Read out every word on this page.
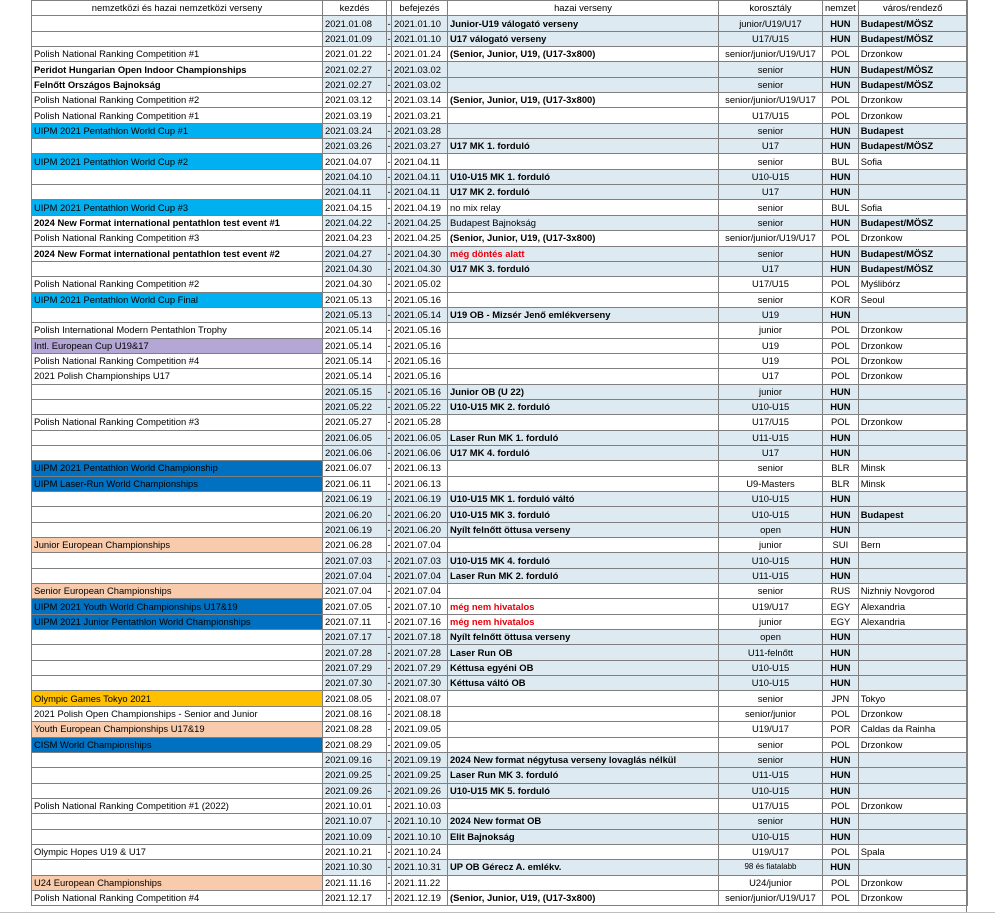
nemzetközi és hazai nemzetközi verseny	kezdés		befejezés	hazai verseny	korosztály	nemzet	város/rendező
	2021.01.08	-	2021.01.10	Junior-U19 válogató verseny	junior/U19/U17	HUN	Budapest/MÖSZ
	2021.01.09	-	2021.01.10	U17 válogató verseny	U17/U15	HUN	Budapest/MÖSZ
Polish National Ranking Competition #1	2021.01.22	-	2021.01.24	(Senior, Junior, U19, (U17-3x800)	senior/junior/U19/U17	POL	Drzonkow
Peridot Hungarian Open Indoor Championships	2021.02.27	-	2021.03.02		senior	HUN	Budapest/MÖSZ
Felnőtt Országos Bajnokság	2021.02.27	-	2021.03.02		senior	HUN	Budapest/MÖSZ
Polish National Ranking Competition #2	2021.03.12	-	2021.03.14	(Senior, Junior, U19, (U17-3x800)	senior/junior/U19/U17	POL	Drzonkow
Polish National Ranking Competition #1	2021.03.19	-	2021.03.21		U17/U15	POL	Drzonkow
UIPM 2021 Pentathlon World Cup #1	2021.03.24	-	2021.03.28		senior	HUN	Budapest
	2021.03.26	-	2021.03.27	U17 MK 1. forduló	U17	HUN	Budapest/MÖSZ
UIPM 2021 Pentathlon World Cup #2	2021.04.07	-	2021.04.11		senior	BUL	Sofia
	2021.04.10	-	2021.04.11	U10-U15 MK 1. forduló	U10-U15	HUN	
	2021.04.11	-	2021.04.11	U17 MK 2. forduló	U17	HUN	
UIPM 2021 Pentathlon World Cup #3	2021.04.15	-	2021.04.19	no mix relay	senior	BUL	Sofia
2024 New Format international pentathlon test event #1	2021.04.22	-	2021.04.25	Budapest Bajnokság	senior	HUN	Budapest/MÖSZ
Polish National Ranking Competition #3	2021.04.23	-	2021.04.25	(Senior, Junior, U19, (U17-3x800)	senior/junior/U19/U17	POL	Drzonkow
2024 New Format international pentathlon test event #2	2021.04.27	-	2021.04.30	még döntés alatt	senior	HUN	Budapest/MÖSZ
	2021.04.30	-	2021.04.30	U17 MK 3. forduló	U17	HUN	Budapest/MÖSZ
Polish National Ranking Competition #2	2021.04.30	-	2021.05.02		U17/U15	POL	Myślibórz
UIPM 2021 Pentathlon World Cup Final	2021.05.13	-	2021.05.16		senior	KOR	Seoul
	2021.05.13	-	2021.05.14	U19 OB - Mizsér Jenő emlékverseny	U19	HUN	
Polish International Modern Pentathlon Trophy	2021.05.14	-	2021.05.16		junior	POL	Drzonkow
Intl. European Cup U19&17	2021.05.14	-	2021.05.16		U19	POL	Drzonkow
Polish National Ranking Competition #4	2021.05.14	-	2021.05.16		U19	POL	Drzonkow
2021 Polish Championships U17	2021.05.14	-	2021.05.16		U17	POL	Drzonkow
	2021.05.15	-	2021.05.16	Junior OB (U 22)	junior	HUN	
	2021.05.22	-	2021.05.22	U10-U15 MK 2. forduló	U10-U15	HUN	
Polish National Ranking Competition #3	2021.05.27	-	2021.05.28		U17/U15	POL	Drzonkow
	2021.06.05	-	2021.06.05	Laser Run MK 1. forduló	U11-U15	HUN	
	2021.06.06	-	2021.06.06	U17 MK 4. forduló	U17	HUN	
UIPM 2021 Pentathlon World Championship	2021.06.07	-	2021.06.13		senior	BLR	Minsk
UIPM Laser-Run World Championships	2021.06.11	-	2021.06.13		U9-Masters	BLR	Minsk
	2021.06.19	-	2021.06.19	U10-U15 MK 1. forduló váltó	U10-U15	HUN	
	2021.06.20	-	2021.06.20	U10-U15 MK 3. forduló	U10-U15	HUN	Budapest
	2021.06.19	-	2021.06.20	Nyílt felnőtt öttusa verseny	open	HUN	
Junior European Championships	2021.06.28	-	2021.07.04		junior	SUI	Bern
	2021.07.03	-	2021.07.03	U10-U15 MK 4. forduló	U10-U15	HUN	
	2021.07.04	-	2021.07.04	Laser Run MK 2. forduló	U11-U15	HUN	
Senior European Championships	2021.07.04	-	2021.07.04		senior	RUS	Nizhniy Novgorod
UIPM 2021 Youth World Championships U17&19	2021.07.05	-	2021.07.10	még nem hivatalos	U19/U17	EGY	Alexandria
UIPM 2021 Junior Pentathlon World Championships	2021.07.11	-	2021.07.16	még nem hivatalos	junior	EGY	Alexandria
	2021.07.17	-	2021.07.18	Nyílt felnőtt öttusa verseny	open	HUN	
	2021.07.28	-	2021.07.28	Laser Run OB	U11-felnőtt	HUN	
	2021.07.29	-	2021.07.29	Kéttusa egyéni OB	U10-U15	HUN	
	2021.07.30	-	2021.07.30	Kéttusa váltó OB	U10-U15	HUN	
Olympic Games Tokyo 2021	2021.08.05	-	2021.08.07		senior	JPN	Tokyo
2021 Polish Open Championships - Senior and Junior	2021.08.16	-	2021.08.18		senior/junior	POL	Drzonkow
Youth European Championships U17&19	2021.08.28	-	2021.09.05		U19/U17	POR	Caldas da Rainha
CISM World Championships	2021.08.29	-	2021.09.05		senior	POL	Drzonkow
	2021.09.16	-	2021.09.19	2024 New format négytusa verseny lovaglás nélkül	senior	HUN	
	2021.09.25	-	2021.09.25	Laser Run MK 3. forduló	U11-U15	HUN	
	2021.09.26	-	2021.09.26	U10-U15 MK 5. forduló	U10-U15	HUN	
Polish National Ranking Competition #1 (2022)	2021.10.01	-	2021.10.03		U17/U15	POL	Drzonkow
	2021.10.07	-	2021.10.10	2024 New format OB	senior	HUN	
	2021.10.09	-	2021.10.10	Elit Bajnokság	U10-U15	HUN	
Olympic Hopes U19 & U17	2021.10.21	-	2021.10.24		U19/U17	POL	Spala
	2021.10.30	-	2021.10.31	UP OB Gérecz A. emlékv.	98 és fiatalabb	HUN	
U24 European Championships	2021.11.16	-	2021.11.22		U24/junior	POL	Drzonkow
Polish National Ranking Competition #4	2021.12.17	-	2021.12.19	(Senior, Junior, U19, (U17-3x800)	senior/junior/U19/U17	POL	Drzonkow
